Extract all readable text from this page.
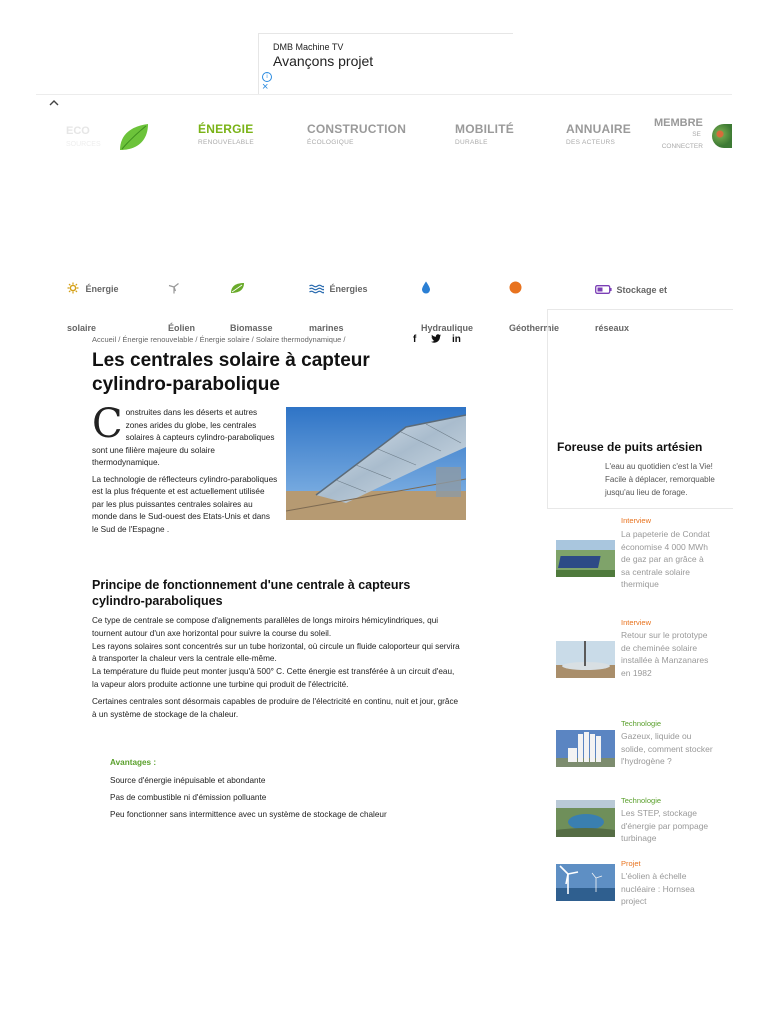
i
×
DMB Machine TV
Avançons projet
ECO
SOURCES
ÉNERGIE
RENOUVELABLE
CONSTRUCTION
ÉCOLOGIQUE
MOBILITÉ
DURABLE
ANNUAIRE
DES ACTEURS
MEMBRE
SE
CONNECTER
Énergie
solaire	Éolien	Biomasse
Énergies
marines	Hydraulique	Géothermie
Stockage et
réseaux
Foreuse de puits artésien
L'eau au quotidien c'est la Vie! Facile à déplacer, remorquable jusqu'au lieu de forage.
Accueil / Énergie renouvelable / Énergie solaire / Solaire thermodynamique /	f	in
Les centrales solaire à capteur cylindro-parabolique

Construites dans les déserts et autres zones arides du globe, les centrales solaires à capteurs cylindro-paraboliques sont une filière majeure du solaire thermodynamique.

La technologie de réflecteurs cylindro-paraboliques est la plus fréquente et est actuellement utilisée par les plus puissantes centrales solaires au monde dans le Sud-ouest des Etats-Unis et dans le Sud de l'Espagne .

Principe de fonctionnement d'une centrale à capteurs cylindro-paraboliques

Ce type de centrale se compose d'alignements parallèles de longs miroirs hémicylindriques, qui tournent autour d'un axe horizontal pour suivre la course du soleil.

Les rayons solaires sont concentrés sur un tube horizontal, où circule un fluide caloporteur qui servira à transporter la chaleur vers la centrale elle-même.

La température du fluide peut monter jusqu'à 500° C. Cette énergie est transférée à un circuit d'eau, la vapeur alors produite actionne une turbine qui produit de l'électricité.

Certaines centrales sont désormais capables de produire de l'électricité en continu, nuit et jour, grâce à un système de stockage de la chaleur.

Avantages :
Source d'énergie inépuisable et abondante
Pas de combustible ni d'émission polluante
Peu fonctionner sans intermittence avec un système de stockage de chaleur
Interview
La papeterie de Condat économise 4 000 MWh de gaz par an grâce à sa centrale solaire thermique
Interview
Retour sur le prototype de cheminée solaire installée à Manzanares en 1982
Technologie
Gazeux, liquide ou solide, comment stocker l'hydrogène ?
Technologie
Les STEP, stockage d'énergie par pompage turbinage
Projet
L'éolien à échelle nucléaire : Hornsea project
